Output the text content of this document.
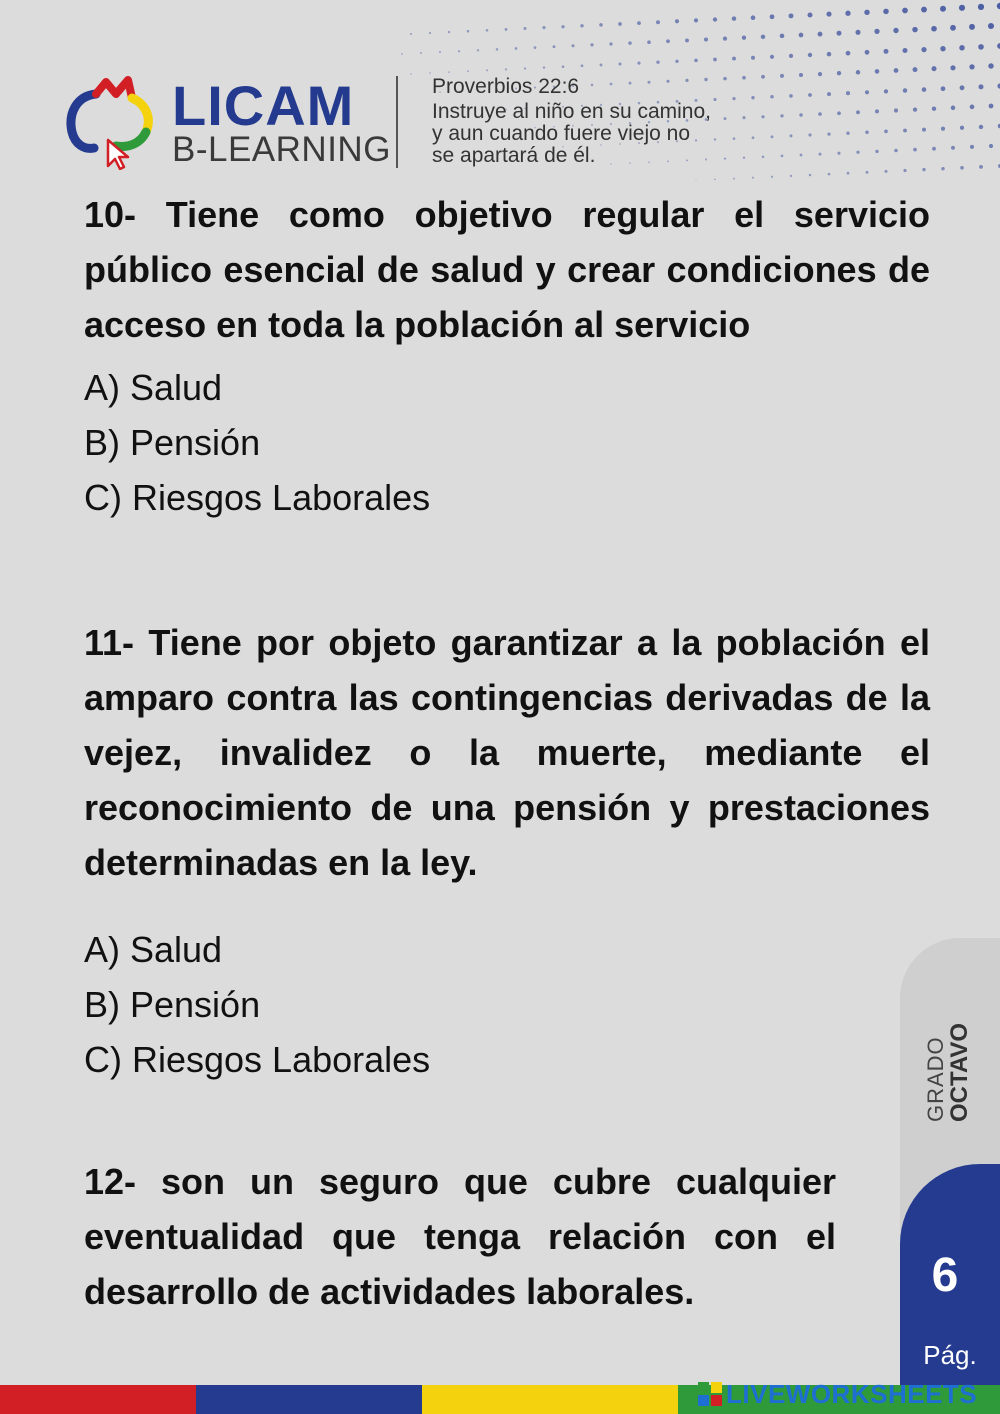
LICAM
B-LEARNING
Proverbios 22:6
Instruye al niño en su camino,
y aun cuando fuere viejo no
se apartará de él.

10- Tiene como objetivo regular el servicio público esencial de salud y crear condiciones de acceso en toda la población al servicio

A) Salud
B) Pensión
C) Riesgos Laborales

11- Tiene por objeto garantizar a la población el amparo contra las contingencias derivadas de la vejez, invalidez o la muerte, mediante el reconocimiento de una pensión y prestaciones determinadas en la ley.

A) Salud
B) Pensión
C) Riesgos Laborales

12- son un seguro que cubre cualquier eventualidad que tenga relación con el desarrollo de actividades laborales.

GRADO
OCTAVO
6
Pág.
LIVEWORKSHEETS
